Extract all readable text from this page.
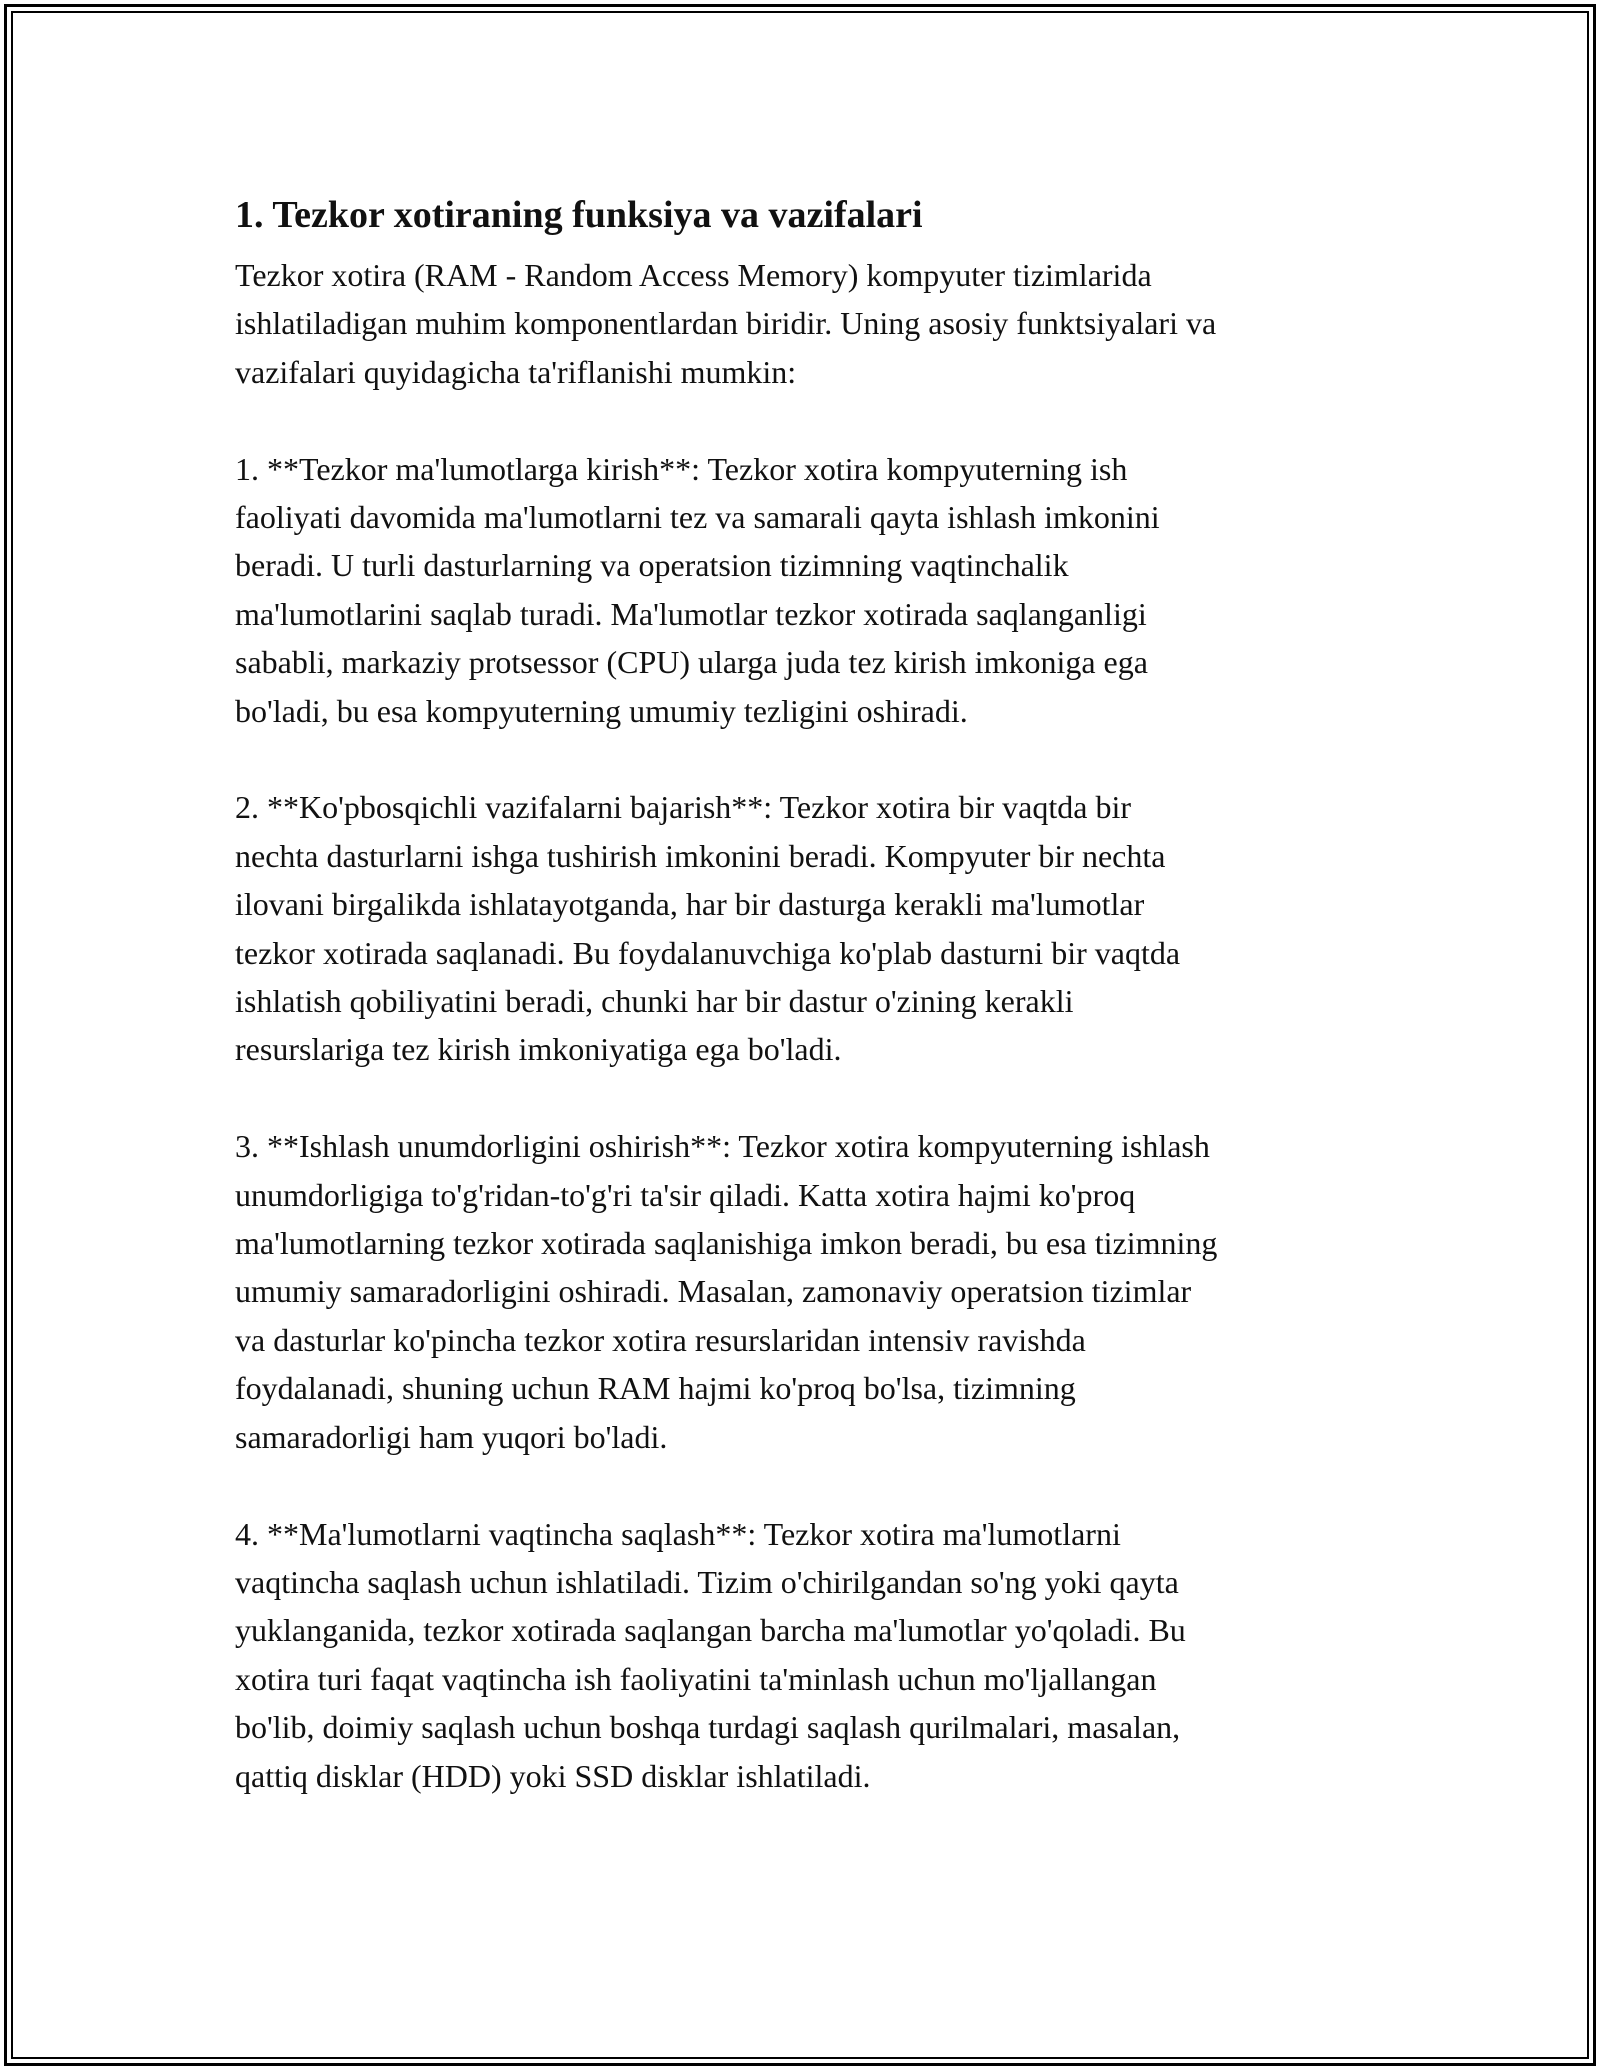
1. Tezkor xotiraning funksiya va vazifalari

Tezkor xotira (RAM - Random Access Memory) kompyuter tizimlarida
ishlatiladigan muhim komponentlardan biridir. Uning asosiy funktsiyalari va
vazifalari quyidagicha ta'riflanishi mumkin:

1. **Tezkor ma'lumotlarga kirish**: Tezkor xotira kompyuterning ish
faoliyati davomida ma'lumotlarni tez va samarali qayta ishlash imkonini
beradi. U turli dasturlarning va operatsion tizimning vaqtinchalik
ma'lumotlarini saqlab turadi. Ma'lumotlar tezkor xotirada saqlanganligi
sababli, markaziy protsessor (CPU) ularga juda tez kirish imkoniga ega
bo'ladi, bu esa kompyuterning umumiy tezligini oshiradi.

2. **Ko'pbosqichli vazifalarni bajarish**: Tezkor xotira bir vaqtda bir
nechta dasturlarni ishga tushirish imkonini beradi. Kompyuter bir nechta
ilovani birgalikda ishlatayotganda, har bir dasturga kerakli ma'lumotlar
tezkor xotirada saqlanadi. Bu foydalanuvchiga ko'plab dasturni bir vaqtda
ishlatish qobiliyatini beradi, chunki har bir dastur o'zining kerakli
resurslariga tez kirish imkoniyatiga ega bo'ladi.

3. **Ishlash unumdorligini oshirish**: Tezkor xotira kompyuterning ishlash
unumdorligiga to'g'ridan-to'g'ri ta'sir qiladi. Katta xotira hajmi ko'proq
ma'lumotlarning tezkor xotirada saqlanishiga imkon beradi, bu esa tizimning
umumiy samaradorligini oshiradi. Masalan, zamonaviy operatsion tizimlar
va dasturlar ko'pincha tezkor xotira resurslaridan intensiv ravishda
foydalanadi, shuning uchun RAM hajmi ko'proq bo'lsa, tizimning
samaradorligi ham yuqori bo'ladi.

4. **Ma'lumotlarni vaqtincha saqlash**: Tezkor xotira ma'lumotlarni
vaqtincha saqlash uchun ishlatiladi. Tizim o'chirilgandan so'ng yoki qayta
yuklanganida, tezkor xotirada saqlangan barcha ma'lumotlar yo'qoladi. Bu
xotira turi faqat vaqtincha ish faoliyatini ta'minlash uchun mo'ljallangan
bo'lib, doimiy saqlash uchun boshqa turdagi saqlash qurilmalari, masalan,
qattiq disklar (HDD) yoki SSD disklar ishlatiladi.
